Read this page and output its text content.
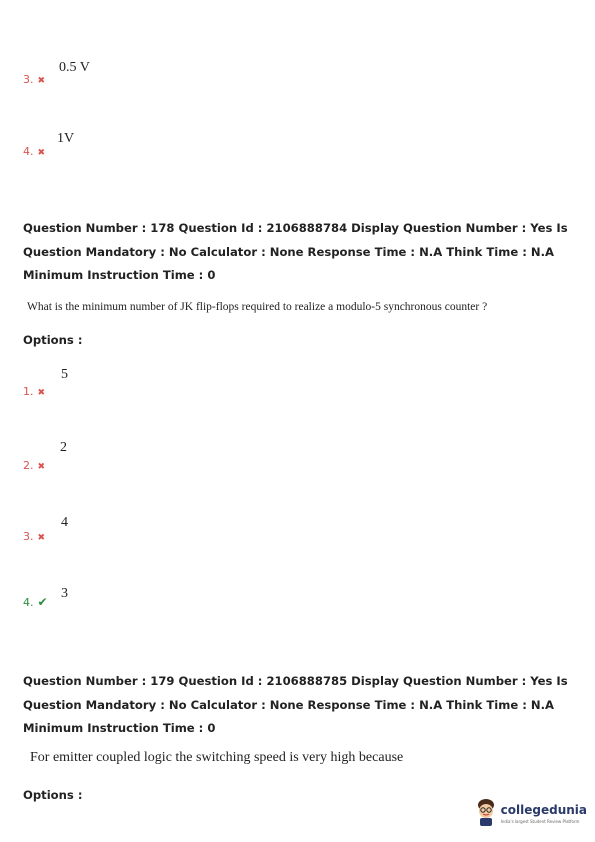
3. ✖
0.5 V
4. ✖
1V

Question Number : 178 Question Id : 2106888784 Display Question Number : Yes Is Question Mandatory : No Calculator : None Response Time : N.A Think Time : N.A Minimum Instruction Time : 0

What is the minimum number of JK flip-flops required to realize a modulo-5 synchronous counter ?

Options :
1. ✖
5
2. ✖
2
3. ✖
4
4. ✔
3

Question Number : 179 Question Id : 2106888785 Display Question Number : Yes Is Question Mandatory : No Calculator : None Response Time : N.A Think Time : N.A Minimum Instruction Time : 0

For emitter coupled logic the switching speed is very high because

Options :
collegedunia
India's largest Student Review Platform
